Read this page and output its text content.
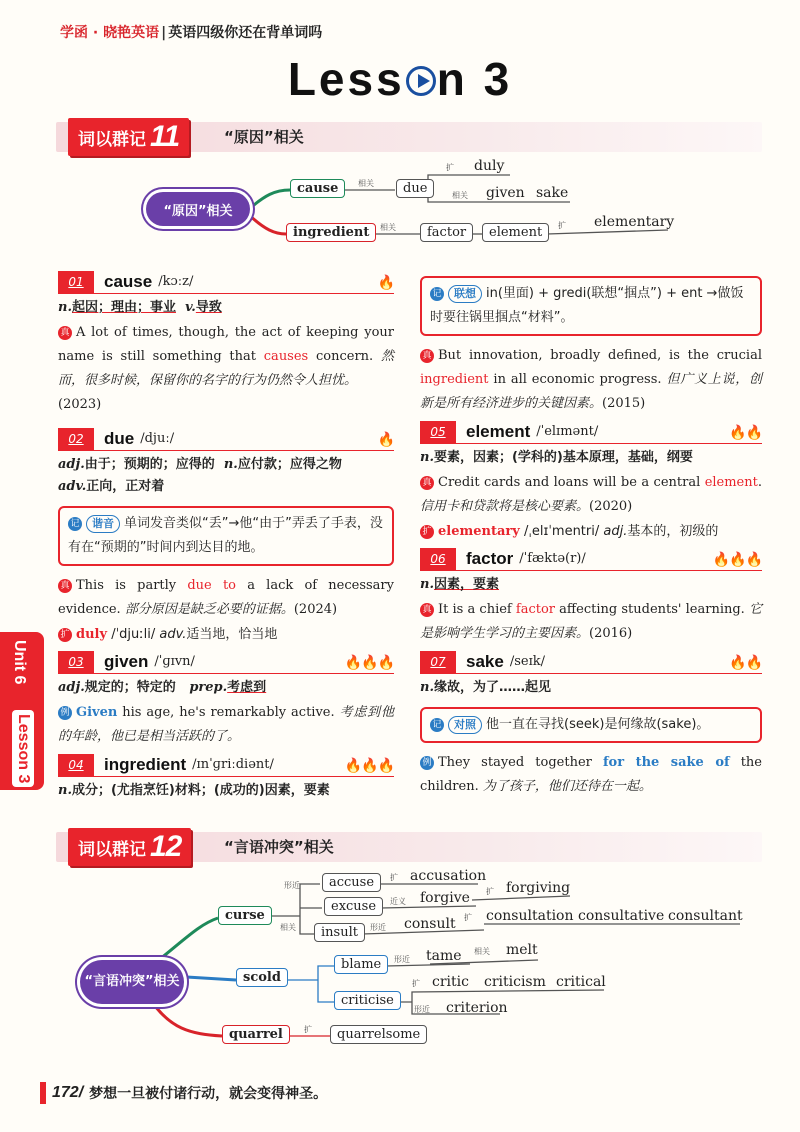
学函 · 晓艳英语 | 英语四级你还在背单词吗
Less n 3
词以群记 11	“原因”相关
“原因”相关
cause	相关	due
扩 duly
相关 given sake
ingredient	相关	factor	element	扩 elementary
01	cause /kɔːz/	🔥
n.起因；理由；事业 v.导致
真 A lot of times, though, the act of keeping your name is still something that causes concern. 然而，很多时候，保留你的名字的行为仍然令人担忧。
(2023)
02	due /djuː/	🔥
adj.由于；预期的；应得的 n.应付款；应得之物
adv.正向，正对着
记 谐音 单词发音类似“丢”→他“由于”弄丢了手表，没有在“预期的”时间内到达目的地。
真 This is partly due to a lack of necessary evidence. 部分原因是缺乏必要的证据。(2024)
扩 duly /ˈdjuːli/ adv.适当地，恰当地
03	given /ˈɡɪvn/	🔥🔥🔥
adj.规定的；特定的 prep.考虑到
例 Given his age, he's remarkably active. 考虑到他的年龄，他已是相当活跃的了。
04	ingredient /ɪnˈɡriːdiənt/	🔥🔥🔥
n.成分；(尤指烹饪)材料；(成功的)因素，要素
记 联想 in(里面) + gredi(联想“掴点”) + ent →做饭时要往锅里掴点“材料”。
真 But innovation, broadly defined, is the crucial ingredient in all economic progress. 但广义上说，创新是所有经济进步的关键因素。(2015)
05	element /ˈelɪmənt/	🔥🔥
n.要素，因素；(学科的)基本原理，基础，纲要
真 Credit cards and loans will be a central element. 信用卡和贷款将是核心要素。(2020)
扩 elementary /ˌelɪˈmentri/ adj.基本的，初级的
06	factor /ˈfæktə(r)/	🔥🔥🔥
n.因素，要素
真 It is a chief factor affecting students' learning. 它是影响学生学习的主要因素。(2016)
07	sake /seɪk/	🔥🔥
n.缘故，为了……起见
记 对照 他一直在寻找(seek)是何缘故(sake)。
例 They stayed together for the sake of the children. 为了孩子，他们还待在一起。
Unit 6
Lesson 3
词以群记 12	“言语冲突”相关
“言语冲突”相关
curse
形近
相关
accuse	扩 accusation
excuse	近义 forgive 扩 forgiving
insult	形近 consult 扩 consultation consultative consultant
scold
blame	形近 tame 相关 melt
criticise
扩 critic criticism critical
形近 criterion
quarrel	扩	quarrelsome
172/ 梦想一旦被付诸行动，就会变得神圣。
